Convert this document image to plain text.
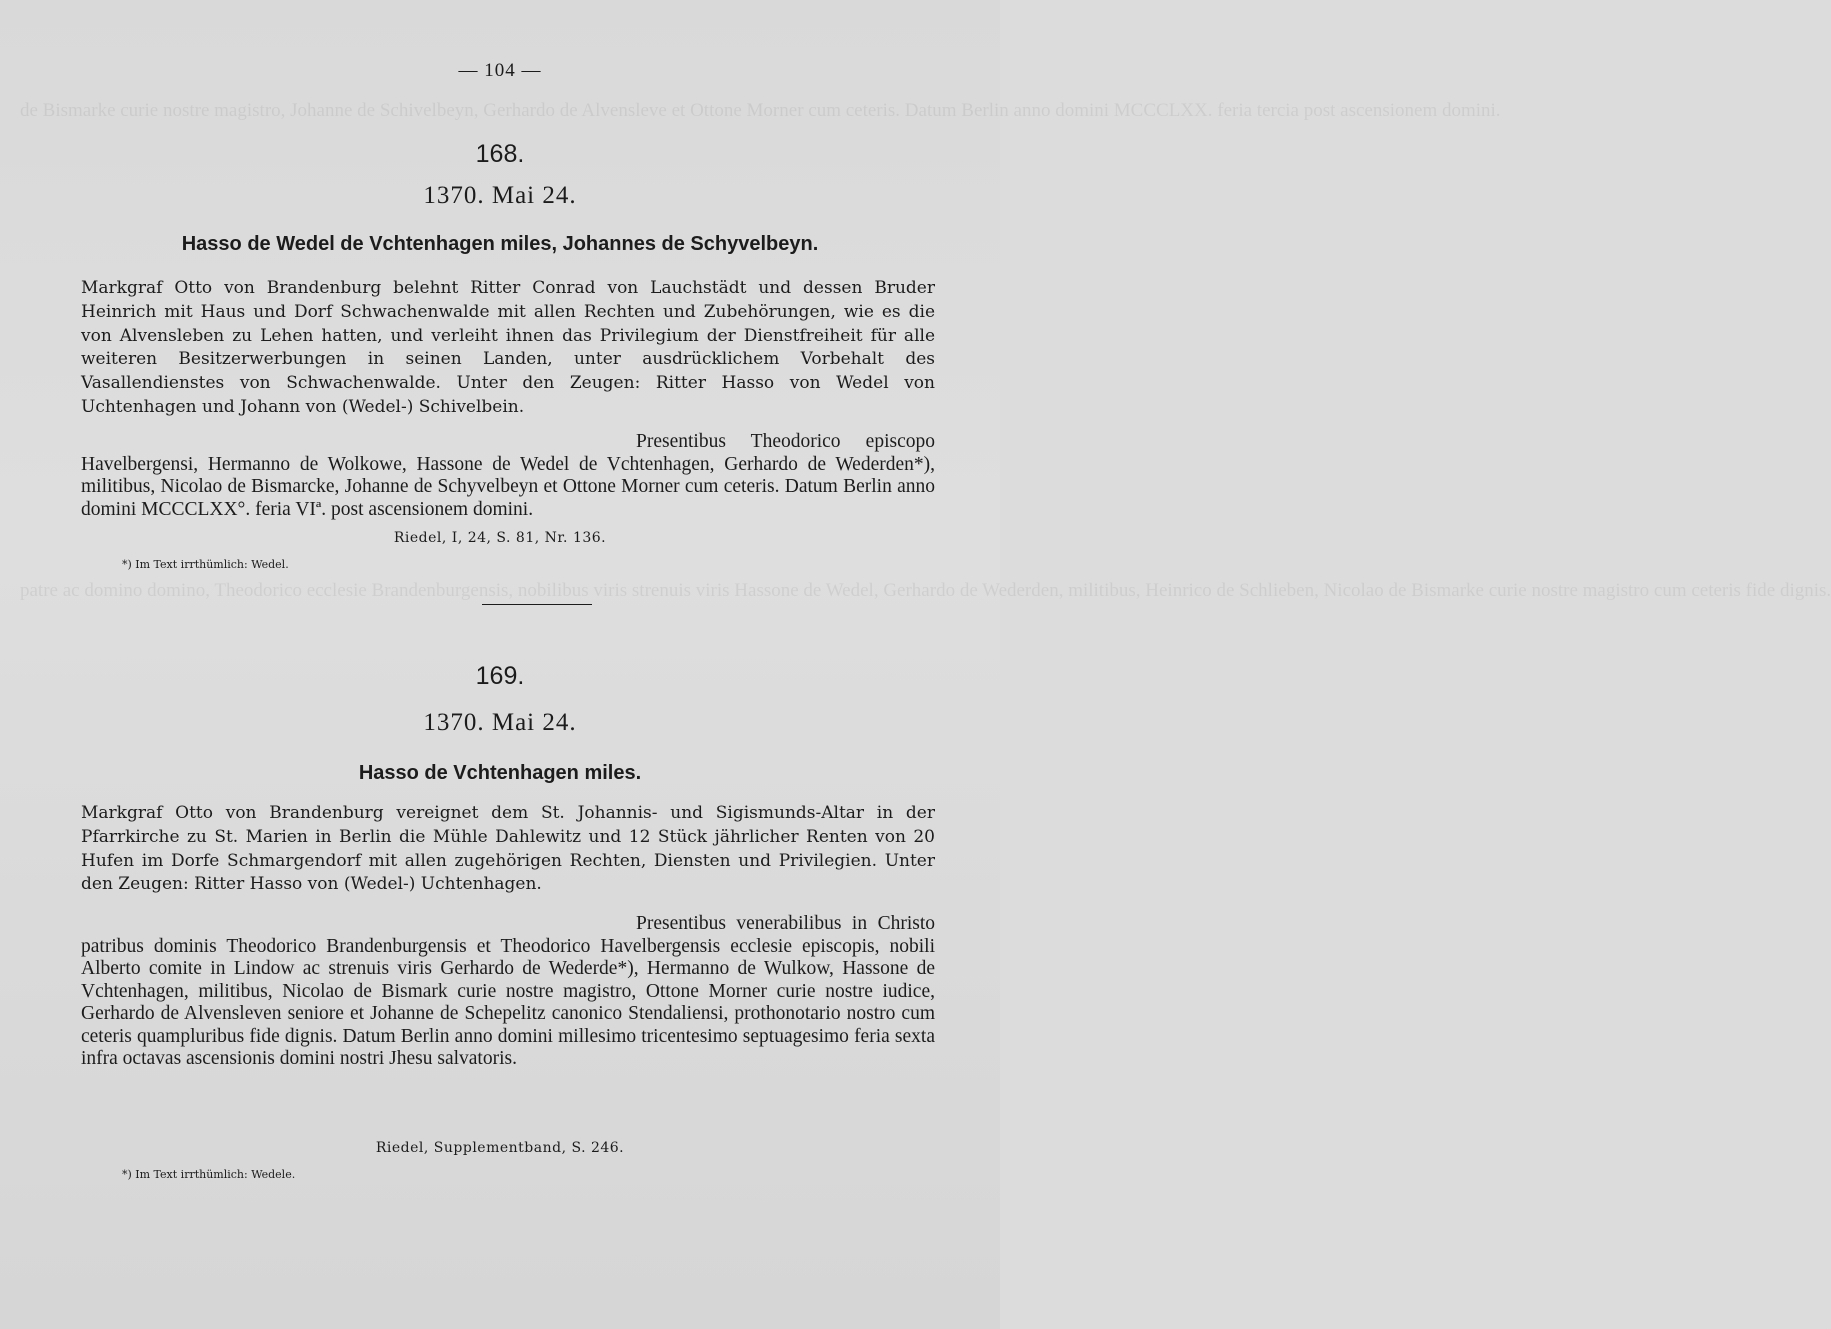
de Bismarke curie nostre magistro, Johanne de Schivelbeyn, Gerhardo de Alvensleve et Ottone Morner cum ceteris. Datum Berlin anno domini MCCCLXX. feria tercia post ascensionem domini.
patre ac domino domino, Theodorico ecclesie Brandenburgensis, nobilibus viris strenuis viris Hassone de Wedel, Gerhardo de Wederden, militibus, Heinrico de Schlieben, Nicolao de Bismarke curie nostre magistro cum ceteris fide dignis.
— 104 —
168.
1370. Mai 24.
Hasso de Wedel de Vchtenhagen miles, Johannes de Schyvelbeyn.
Markgraf Otto von Brandenburg belehnt Ritter Conrad von Lauchstädt und dessen Bruder Heinrich mit Haus und Dorf Schwachenwalde mit allen Rechten und Zubehörungen, wie es die von Alvensleben zu Lehen hatten, und verleiht ihnen das Privilegium der Dienstfreiheit für alle weiteren Besitzerwerbungen in seinen Landen, unter ausdrücklichem Vorbehalt des Vasallendienstes von Schwachenwalde. Unter den Zeugen: Ritter Hasso von Wedel von Uchtenhagen und Johann von (Wedel-) Schivelbein.
Presentibus Theodorico episcopo Havelbergensi, Hermanno de Wolkowe, Hassone de Wedel de Vchtenhagen, Gerhardo de Wederden*), militibus, Nicolao de Bismarcke, Johanne de Schyvelbeyn et Ottone Morner cum ceteris. Datum Berlin anno domini MCCCLXX°. feria VIª. post ascensionem domini.
Riedel, I, 24, S. 81, Nr. 136.
*) Im Text irrthümlich: Wedel.
169.
1370. Mai 24.
Hasso de Vchtenhagen miles.
Markgraf Otto von Brandenburg vereignet dem St. Johannis- und Sigismunds-Altar in der Pfarrkirche zu St. Marien in Berlin die Mühle Dahlewitz und 12 Stück jährlicher Renten von 20 Hufen im Dorfe Schmargendorf mit allen zugehörigen Rechten, Diensten und Privilegien. Unter den Zeugen: Ritter Hasso von (Wedel-) Uchtenhagen.
Presentibus venerabilibus in Christo patribus dominis Theodorico Brandenburgensis et Theodorico Havelbergensis ecclesie episcopis, nobili Alberto comite in Lindow ac strenuis viris Gerhardo de Wederde*), Hermanno de Wulkow, Hassone de Vchtenhagen, militibus, Nicolao de Bismark curie nostre magistro, Ottone Morner curie nostre iudice, Gerhardo de Alvensleven seniore et Johanne de Schepelitz canonico Stendaliensi, prothonotario nostro cum ceteris quampluribus fide dignis. Datum Berlin anno domini millesimo tricentesimo septuagesimo feria sexta infra octavas ascensionis domini nostri Jhesu salvatoris.
Riedel, Supplementband, S. 246.
*) Im Text irrthümlich: Wedele.
